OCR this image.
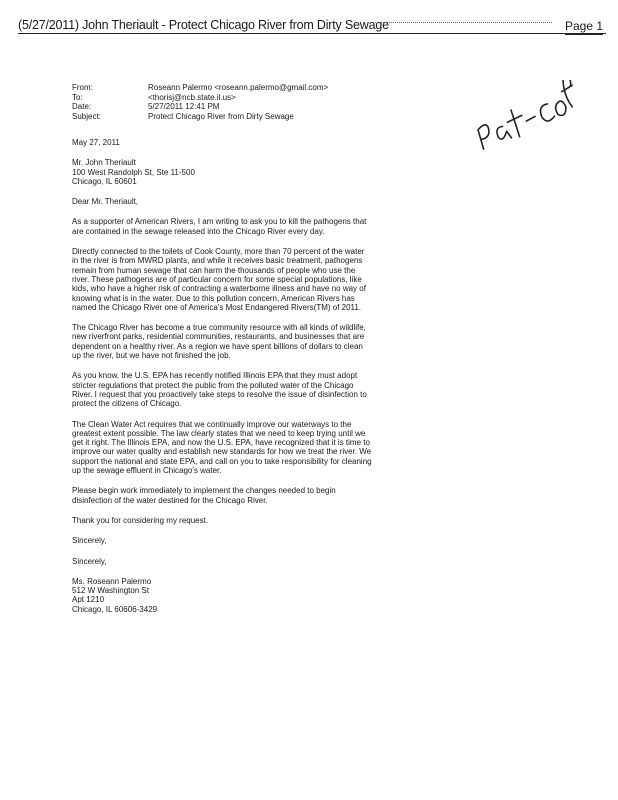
(5/27/2011) John Theriault - Protect Chicago River from Dirty Sewage	Page 1
From:	Roseann Palermo <roseann.palermo@gmail.com>
To:	<thorisj@ncb.state.il.us>
Date:	5/27/2011 12:41 PM
Subject:	Protect Chicago River from Dirty Sewage

May 27, 2011

Mr. John Theriault

100 West Randolph St, Ste 11-500

Chicago, IL 60601

Dear Mr. Theriault,

As a supporter of American Rivers, I am writing to ask you to kill the pathogens that are contained in the sewage released into the Chicago River every day.

Directly connected to the toilets of Cook County, more than 70 percent of the water in the river is from MWRD plants, and while it receives basic treatment, pathogens remain from human sewage that can harm the thousands of people who use the river. These pathogens are of particular concern for some special populations, like kids, who have a higher risk of contracting a waterborne illness and have no way of knowing what is in the water. Due to this pollution concern, American Rivers has named the Chicago River one of America's Most Endangered Rivers(TM) of 2011.

The Chicago River has become a true community resource with all kinds of wildlife, new riverfront parks, residential communities, restaurants, and businesses that are dependent on a healthy river. As a region we have spent billions of dollars to clean up the river, but we have not finished the job.

As you know, the U.S. EPA has recently notified Illinois EPA that they must adopt stricter regulations that protect the public from the polluted water of the Chicago River. I request that you proactively take steps to resolve the issue of disinfection to protect the citizens of Chicago.

The Clean Water Act requires that we continually improve our waterways to the greatest extent possible. The law clearly states that we need to keep trying until we get it right. The Illinois EPA, and now the U.S. EPA, have recognized that it is time to improve our water quality and establish new standards for how we treat the river. We support the national and state EPA, and call on you to take responsibility for cleaning up the sewage effluent in Chicago's water.

Please begin work immediately to implement the changes needed to begin disinfection of the water destined for the Chicago River.

Thank you for considering my request.

Sincerely,

Sincerely,

Ms. Roseann Palermo

512 W Washington St

Apt 1210

Chicago, IL 60606-3429
